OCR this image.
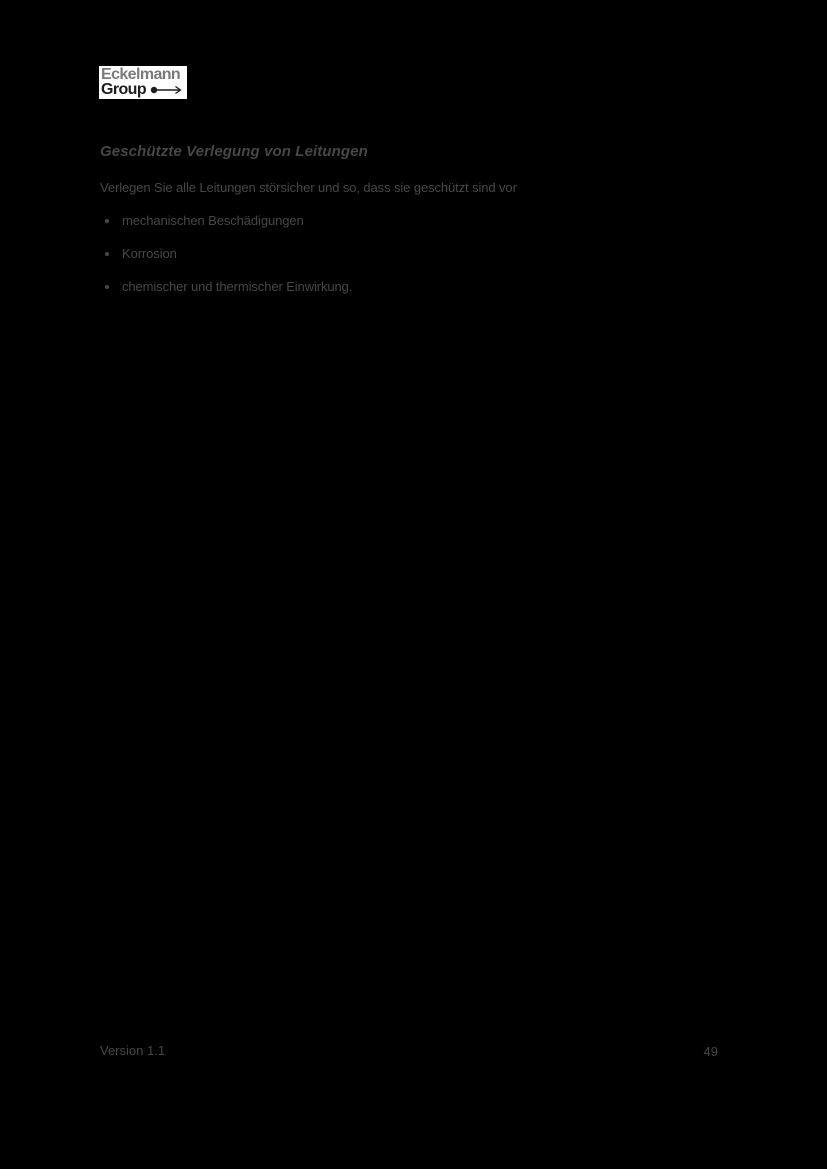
Eckelmann
Group
Geschützte Verlegung von Leitungen
Verlegen Sie alle Leitungen störsicher und so, dass sie geschützt sind vor
mechanischen Beschädigungen
Korrosion
chemischer und thermischer Einwirkung.
Version 1.1	49
